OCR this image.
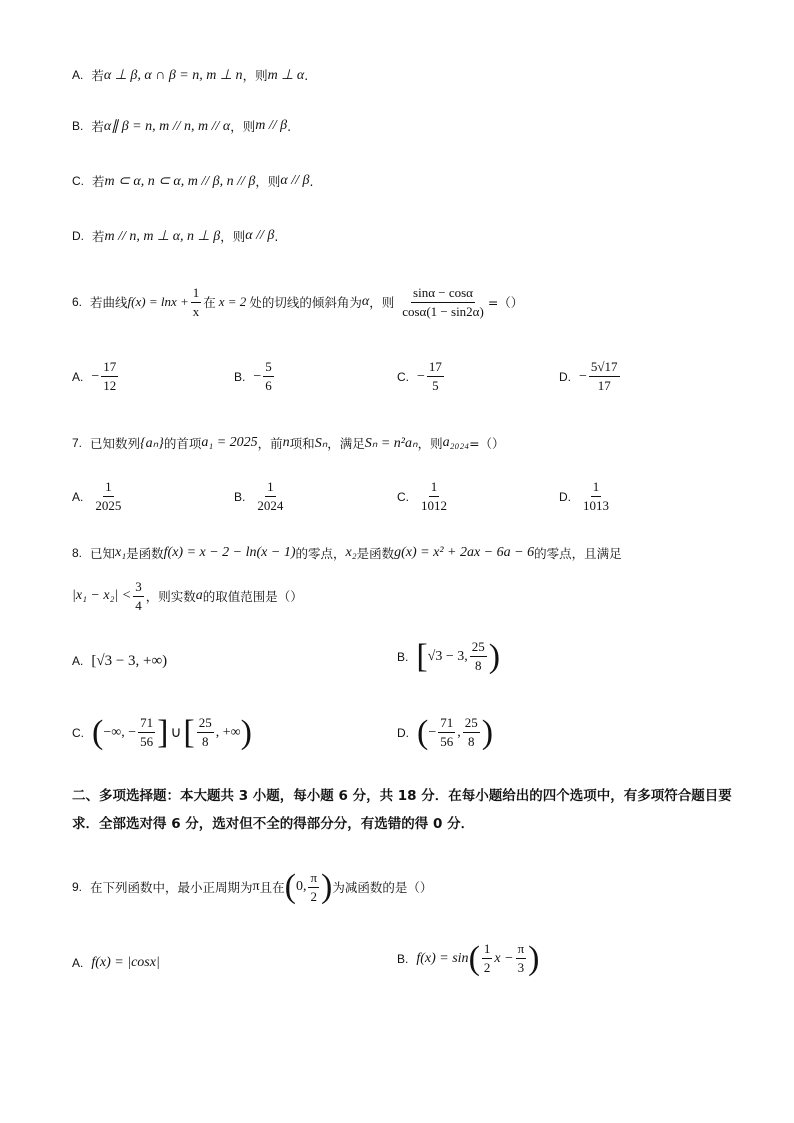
A. 若 α ⊥ β, α ∩ β = n, m ⊥ n ，则 m ⊥ α .
B. 若 α∥ β = n, m // n, m // α ，则 m // β .
C. 若 m ⊂ α, n ⊂ α, m // β, n // β ，则 α // β .
D. 若 m // n, m ⊥ α, n ⊥ β ，则 α // β .
6. 若曲线 $f(x) = \ln x + \frac{1}{x}$ 在 x = 2 处的切线的倾斜角为 α ，则 $\frac{\sin\alpha - \cos\alpha}{\cos\alpha(1 - \sin 2\alpha)}$ =（）
A. − $\frac{17}{12}$	B. − $\frac{5}{6}$	C. − $\frac{17}{5}$	D. − $\frac{5√17}{17}$
7. 已知数列 {aₙ} 的首项 a₁ = 2025 ，前 n 项和 Sₙ ，满足 Sₙ = n²aₙ ，则 a₂₀₂₄ =（）
A. $\frac{1}{2025}$	B. $\frac{1}{2024}$	C. $\frac{1}{1012}$	D. $\frac{1}{1013}$
8. 已知 x₁ 是函数 f(x) = x − 2 − ln(x − 1) 的零点， x₂ 是函数 g(x) = x² + 2ax − 6a − 6 的零点，且满足
$|x_1 - x_2| < \frac{3}{4}$ ，则实数 a 的取值范围是（）
A. [√3 − 3, +∞)	B. [ √3 − 3, $\frac{25}{8}$ )
C. ( −∞, − $\frac{71}{56}$ ] ∪ [ $\frac{25}{8}$ , +∞ )	D. ( − $\frac{71}{56}$ , $\frac{25}{8}$ )
二、多项选择题：本大题共 3 小题，每小题 6 分，共 18 分．在每小题给出的四个选项中，有多项符合题目要求．全部选对得 6 分，选对但不全的得部分分，有选错的得 0 分．
9. 在下列函数中，最小正周期为 π 且在 ( 0, $\frac{\pi}{2}$ ) 为减函数的是（）
A. f(x) = |cosx|	B. f(x) = sin ( $\frac{1}{2}$ $x - \frac{\pi}{3}$ )
